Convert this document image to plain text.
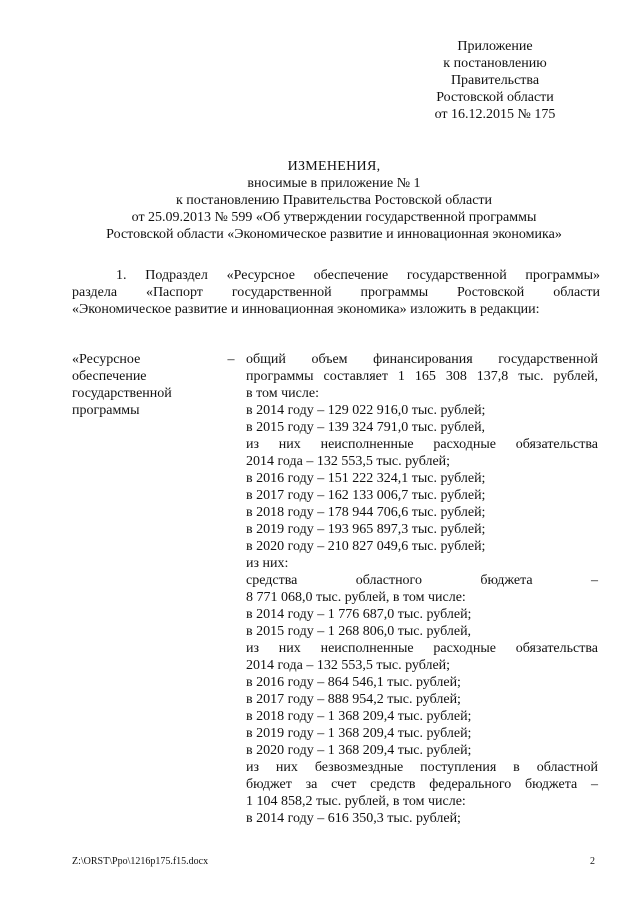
Приложение
к постановлению
Правительства
Ростовской области
от 16.12.2015 № 175
ИЗМЕНЕНИЯ,
вносимые в приложение № 1
к постановлению Правительства Ростовской области
от 25.09.2013 № 599 «Об утверждении государственной программы
Ростовской области «Экономическое развитие и инновационная экономика»
1. Подраздел «Ресурсное обеспечение государственной программы»
раздела «Паспорт государственной программы Ростовской области
«Экономическое развитие и инновационная экономика» изложить в редакции:
«Ресурсное
обеспечение
государственной
программы
– общий объем финансирования государственной
программы составляет 1 165 308 137,8 тыс. рублей,
в том числе:
в 2014 году – 129 022 916,0 тыс. рублей;
в 2015 году – 139 324 791,0 тыс. рублей,
из них неисполненные расходные обязательства
2014 года – 132 553,5 тыс. рублей;
в 2016 году – 151 222 324,1 тыс. рублей;
в 2017 году – 162 133 006,7 тыс. рублей;
в 2018 году – 178 944 706,6 тыс. рублей;
в 2019 году – 193 965 897,3 тыс. рублей;
в 2020 году – 210 827 049,6 тыс. рублей;
из них:
средства областного бюджета –
8 771 068,0 тыс. рублей, в том числе:
в 2014 году – 1 776 687,0 тыс. рублей;
в 2015 году – 1 268 806,0 тыс. рублей,
из них неисполненные расходные обязательства
2014 года – 132 553,5 тыс. рублей;
в 2016 году – 864 546,1 тыс. рублей;
в 2017 году – 888 954,2 тыс. рублей;
в 2018 году – 1 368 209,4 тыс. рублей;
в 2019 году – 1 368 209,4 тыс. рублей;
в 2020 году – 1 368 209,4 тыс. рублей;
из них безвозмездные поступления в областной
бюджет за счет средств федерального бюджета –
1 104 858,2 тыс. рублей, в том числе:
в 2014 году – 616 350,3 тыс. рублей;
Z:\ORST\Ppo\1216p175.f15.docx	2
